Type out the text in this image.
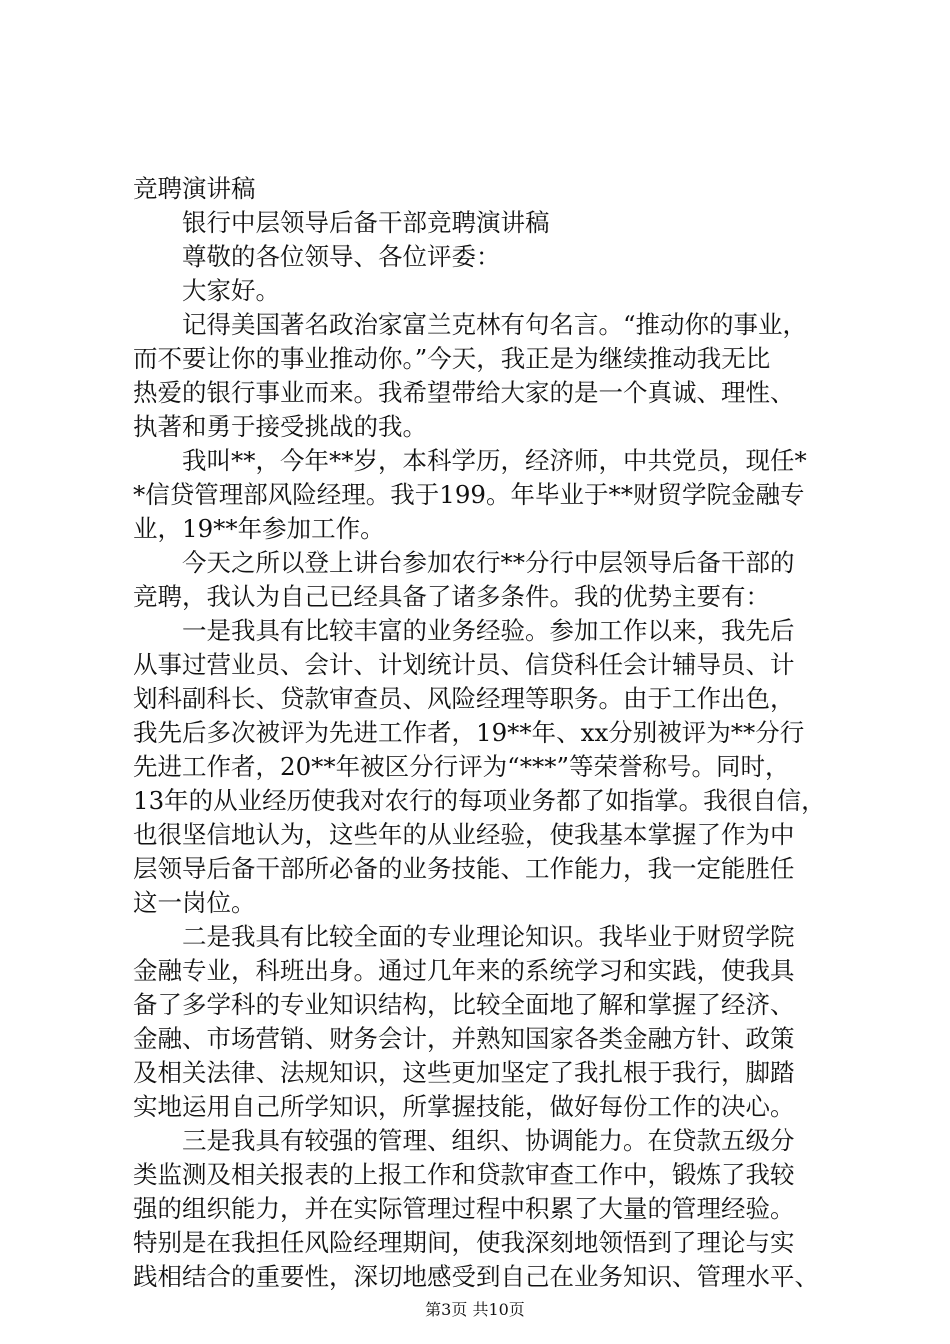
竞聘演讲稿
　　银行中层领导后备干部竞聘演讲稿
　　尊敬的各位领导、各位评委：
　　大家好。
　　记得美国著名政治家富兰克林有句名言。“推动你的事业，
而不要让你的事业推动你。”今天，我正是为继续推动我无比
热爱的银行事业而来。我希望带给大家的是一个真诚、理性、
执著和勇于接受挑战的我。
　　我叫**，今年**岁，本科学历，经济师，中共党员，现任*
*信贷管理部风险经理。我于199。年毕业于**财贸学院金融专
业，19**年参加工作。
　　今天之所以登上讲台参加农行**分行中层领导后备干部的
竞聘，我认为自己已经具备了诸多条件。我的优势主要有：
　　一是我具有比较丰富的业务经验。参加工作以来，我先后
从事过营业员、会计、计划统计员、信贷科任会计辅导员、计
划科副科长、贷款审查员、风险经理等职务。由于工作出色，
我先后多次被评为先进工作者，19**年、xx分别被评为**分行
先进工作者，20**年被区分行评为“***”等荣誉称号。同时，
13年的从业经历使我对农行的每项业务都了如指掌。我很自信，
也很坚信地认为，这些年的从业经验，使我基本掌握了作为中
层领导后备干部所必备的业务技能、工作能力，我一定能胜任
这一岗位。
　　二是我具有比较全面的专业理论知识。我毕业于财贸学院
金融专业，科班出身。通过几年来的系统学习和实践，使我具
备了多学科的专业知识结构，比较全面地了解和掌握了经济、
金融、市场营销、财务会计，并熟知国家各类金融方针、政策
及相关法律、法规知识，这些更加坚定了我扎根于我行，脚踏
实地运用自己所学知识，所掌握技能，做好每份工作的决心。
　　三是我具有较强的管理、组织、协调能力。在贷款五级分
类监测及相关报表的上报工作和贷款审查工作中，锻炼了我较
强的组织能力，并在实际管理过程中积累了大量的管理经验。
特别是在我担任风险经理期间，使我深刻地领悟到了理论与实
践相结合的重要性，深切地感受到自己在业务知识、管理水平、
第3页 共10页
